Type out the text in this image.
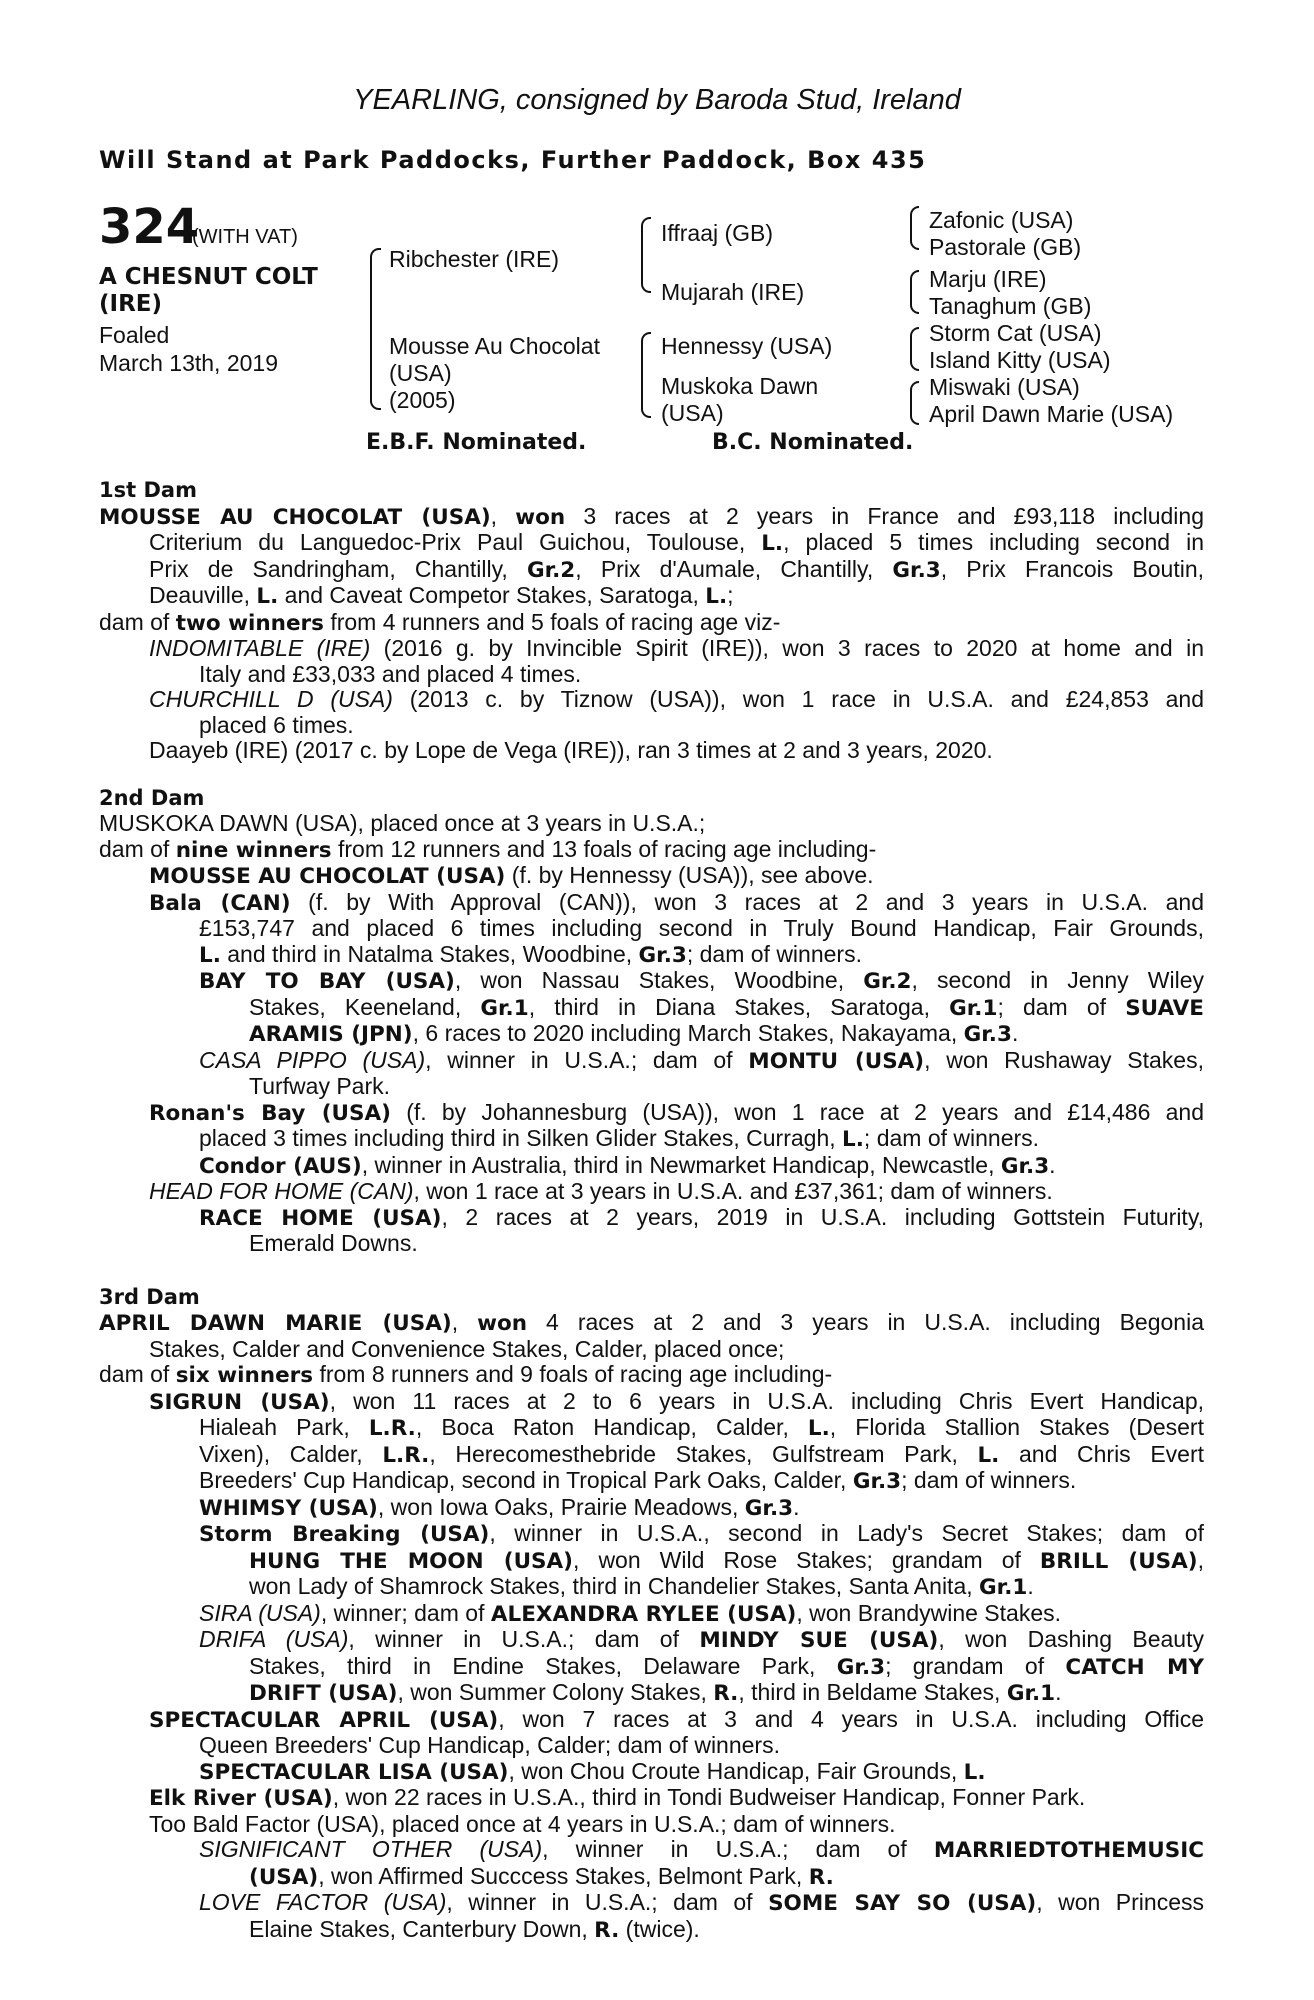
YEARLING, consigned by Baroda Stud, Ireland
Will Stand at Park Paddocks, Further Paddock, Box 435
324
(WITH VAT)
A CHESNUT COLT
(IRE)
Foaled
March 13th, 2019
Ribchester (IRE)
Mousse Au Chocolat
(USA)
(2005)
Iffraaj (GB)
Mujarah (IRE)
Hennessy (USA)
Muskoka Dawn
(USA)
Zafonic (USA)
Pastorale (GB)
Marju (IRE)
Tanaghum (GB)
Storm Cat (USA)
Island Kitty (USA)
Miswaki (USA)
April Dawn Marie (USA)
E.B.F. Nominated.	B.C. Nominated.
1st Dam
MOUSSE AU CHOCOLAT (USA), won 3 races at 2 years in France and £93,118 including
Criterium du Languedoc-Prix Paul Guichou, Toulouse, L., placed 5 times including second in
Prix de Sandringham, Chantilly, Gr.2, Prix d'Aumale, Chantilly, Gr.3, Prix Francois Boutin,
Deauville, L. and Caveat Competor Stakes, Saratoga, L.;
dam of two winners from 4 runners and 5 foals of racing age viz-
INDOMITABLE (IRE) (2016 g. by Invincible Spirit (IRE)), won 3 races to 2020 at home and in
Italy and £33,033 and placed 4 times.
CHURCHILL D (USA) (2013 c. by Tiznow (USA)), won 1 race in U.S.A. and £24,853 and
placed 6 times.
Daayeb (IRE) (2017 c. by Lope de Vega (IRE)), ran 3 times at 2 and 3 years, 2020.
2nd Dam
MUSKOKA DAWN (USA), placed once at 3 years in U.S.A.;
dam of nine winners from 12 runners and 13 foals of racing age including-
MOUSSE AU CHOCOLAT (USA) (f. by Hennessy (USA)), see above.
Bala (CAN) (f. by With Approval (CAN)), won 3 races at 2 and 3 years in U.S.A. and
£153,747 and placed 6 times including second in Truly Bound Handicap, Fair Grounds,
L. and third in Natalma Stakes, Woodbine, Gr.3; dam of winners.
BAY TO BAY (USA), won Nassau Stakes, Woodbine, Gr.2, second in Jenny Wiley
Stakes, Keeneland, Gr.1, third in Diana Stakes, Saratoga, Gr.1; dam of SUAVE
ARAMIS (JPN), 6 races to 2020 including March Stakes, Nakayama, Gr.3.
CASA PIPPO (USA), winner in U.S.A.; dam of MONTU (USA), won Rushaway Stakes,
Turfway Park.
Ronan's Bay (USA) (f. by Johannesburg (USA)), won 1 race at 2 years and £14,486 and
placed 3 times including third in Silken Glider Stakes, Curragh, L.; dam of winners.
Condor (AUS), winner in Australia, third in Newmarket Handicap, Newcastle, Gr.3.
HEAD FOR HOME (CAN), won 1 race at 3 years in U.S.A. and £37,361; dam of winners.
RACE HOME (USA), 2 races at 2 years, 2019 in U.S.A. including Gottstein Futurity,
Emerald Downs.
3rd Dam
APRIL DAWN MARIE (USA), won 4 races at 2 and 3 years in U.S.A. including Begonia
Stakes, Calder and Convenience Stakes, Calder, placed once;
dam of six winners from 8 runners and 9 foals of racing age including-
SIGRUN (USA), won 11 races at 2 to 6 years in U.S.A. including Chris Evert Handicap,
Hialeah Park, L.R., Boca Raton Handicap, Calder, L., Florida Stallion Stakes (Desert
Vixen), Calder, L.R., Herecomesthebride Stakes, Gulfstream Park, L. and Chris Evert
Breeders' Cup Handicap, second in Tropical Park Oaks, Calder, Gr.3; dam of winners.
WHIMSY (USA), won Iowa Oaks, Prairie Meadows, Gr.3.
Storm Breaking (USA), winner in U.S.A., second in Lady's Secret Stakes; dam of
HUNG THE MOON (USA), won Wild Rose Stakes; grandam of BRILL (USA),
won Lady of Shamrock Stakes, third in Chandelier Stakes, Santa Anita, Gr.1.
SIRA (USA), winner; dam of ALEXANDRA RYLEE (USA), won Brandywine Stakes.
DRIFA (USA), winner in U.S.A.; dam of MINDY SUE (USA), won Dashing Beauty
Stakes, third in Endine Stakes, Delaware Park, Gr.3; grandam of CATCH MY
DRIFT (USA), won Summer Colony Stakes, R., third in Beldame Stakes, Gr.1.
SPECTACULAR APRIL (USA), won 7 races at 3 and 4 years in U.S.A. including Office
Queen Breeders' Cup Handicap, Calder; dam of winners.
SPECTACULAR LISA (USA), won Chou Croute Handicap, Fair Grounds, L.
Elk River (USA), won 22 races in U.S.A., third in Tondi Budweiser Handicap, Fonner Park.
Too Bald Factor (USA), placed once at 4 years in U.S.A.; dam of winners.
SIGNIFICANT OTHER (USA), winner in U.S.A.; dam of MARRIEDTOTHEMUSIC
(USA), won Affirmed Succcess Stakes, Belmont Park, R.
LOVE FACTOR (USA), winner in U.S.A.; dam of SOME SAY SO (USA), won Princess
Elaine Stakes, Canterbury Down, R. (twice).
